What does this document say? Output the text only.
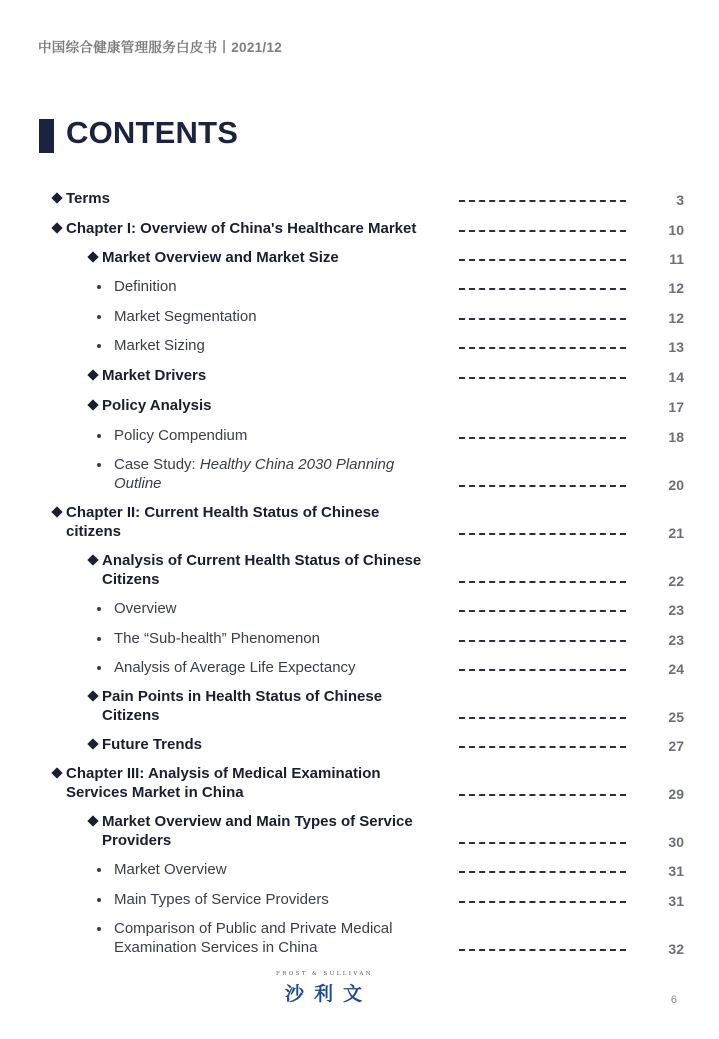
中国综合健康管理服务白皮书丨2021/12
CONTENTS
Terms	3
Chapter I: Overview of China's Healthcare Market	10
Market Overview and Market Size	11
Definition	12
Market Segmentation	12
Market Sizing	13
Market Drivers	14
Policy Analysis	17
Policy Compendium	18
Case Study: Healthy China 2030 Planning
Outline	20
Chapter II: Current Health Status of Chinese
citizens	21
Analysis of Current Health Status of Chinese
Citizens	22
Overview	23
The “Sub-health” Phenomenon	23
Analysis of Average Life Expectancy	24
Pain Points in Health Status of Chinese
Citizens	25
Future Trends	27
Chapter III: Analysis of Medical Examination
Services Market in China	29
Market Overview and Main Types of Service
Providers	30
Market Overview	31
Main Types of Service Providers	31
Comparison of Public and Private Medical
Examination Services in China	32
FROST & SULLIVAN
沙利文	6
